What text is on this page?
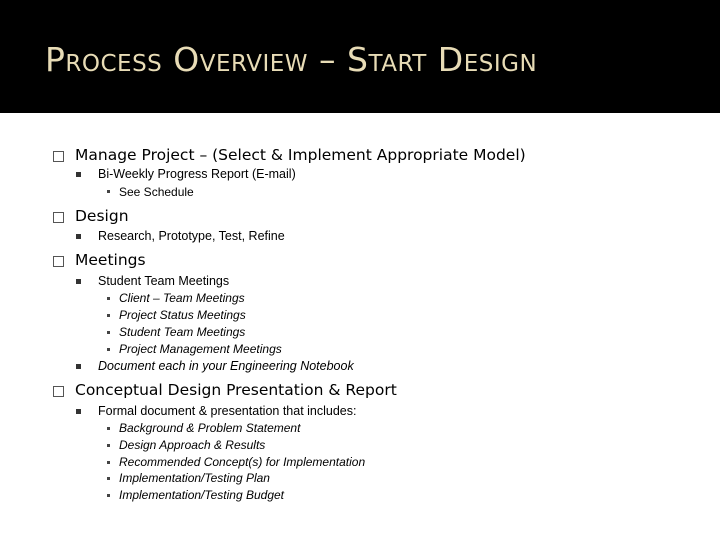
Process Overview – Start Design
Manage Project – (Select & Implement Appropriate Model)
Bi-Weekly Progress Report (E-mail)
See Schedule
Design
Research, Prototype, Test, Refine
Meetings
Student Team Meetings
Client – Team Meetings
Project Status Meetings
Student Team Meetings
Project Management Meetings
Document each in your Engineering Notebook
Conceptual Design Presentation & Report
Formal document & presentation that includes:
Background & Problem Statement
Design Approach & Results
Recommended Concept(s) for Implementation
Implementation/Testing Plan
Implementation/Testing Budget
